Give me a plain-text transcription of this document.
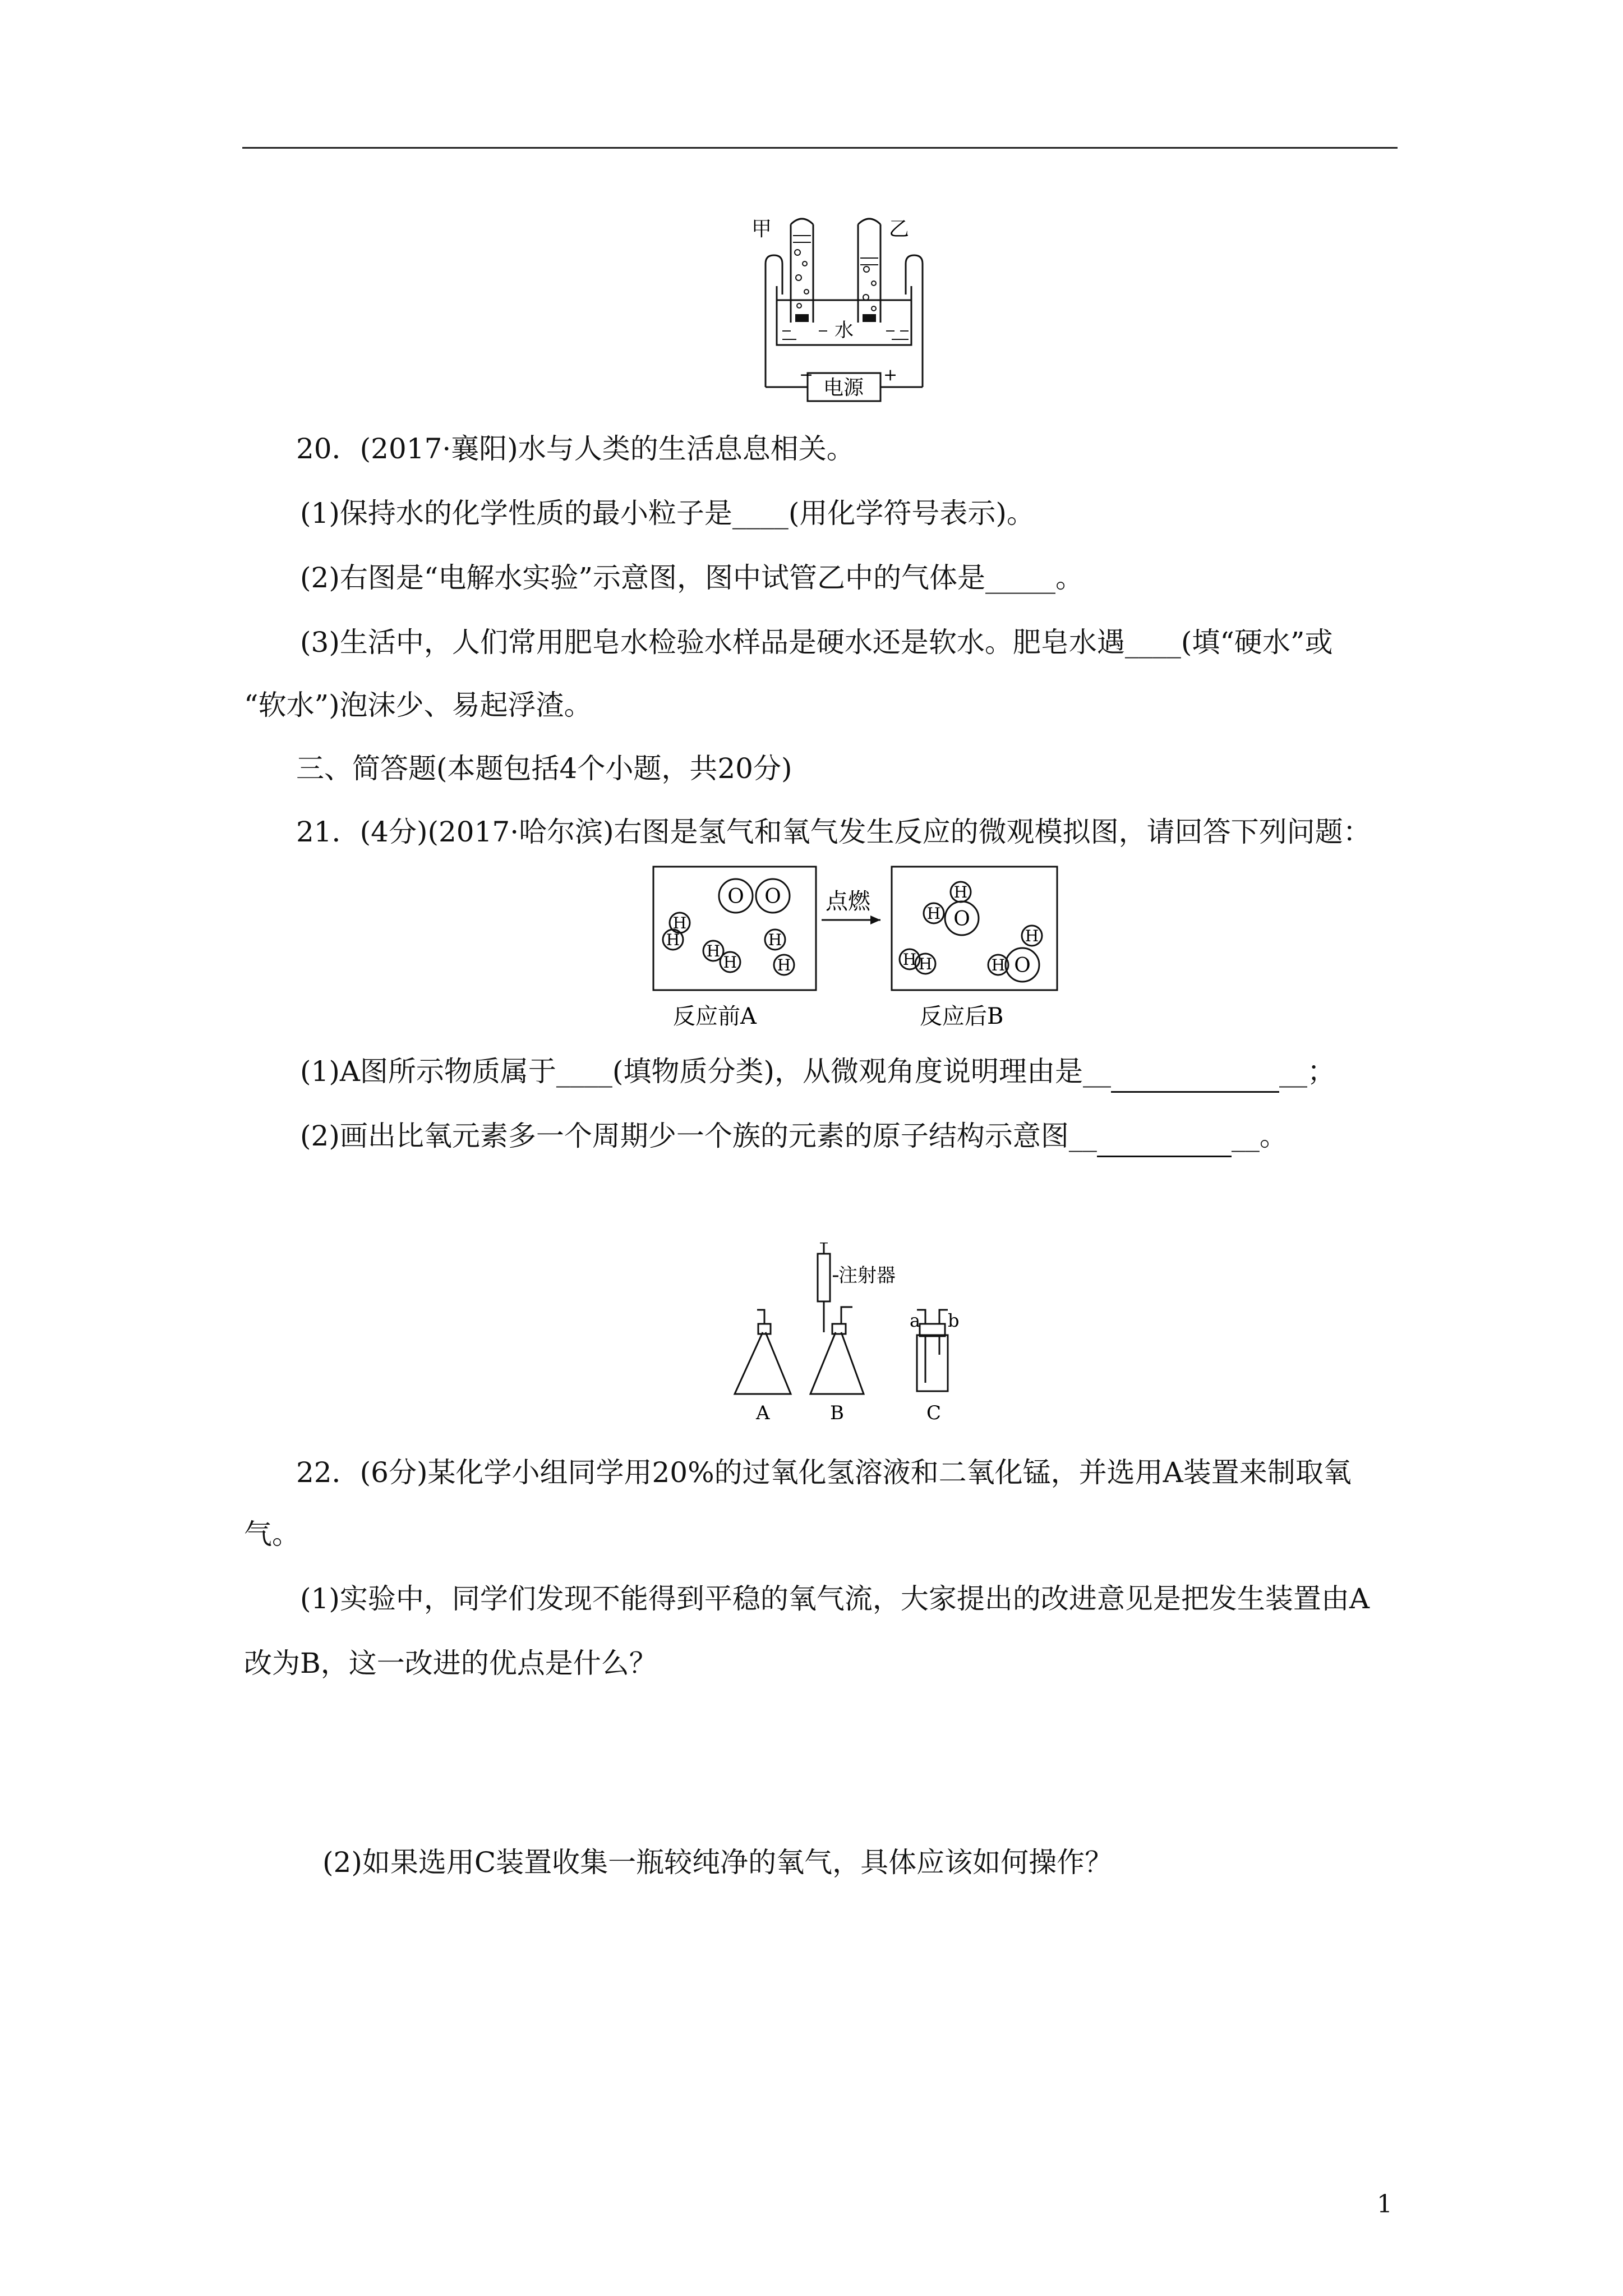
甲	乙
水
电源
−	+
20．(2017·襄阳)水与人类的生活息息相关。
(1)保持水的化学性质的最小粒子是____(用化学符号表示)。
(2)右图是“电解水实验”示意图，图中试管乙中的气体是_____。
(3)生活中，人们常用肥皂水检验水样品是硬水还是软水。肥皂水遇____(填“硬水”或
“软水”)泡沫少、易起浮渣。
三、简答题(本题包括4个小题，共20分)
21．(4分)(2017·哈尔滨)右图是氢气和氧气发生反应的微观模拟图，请回答下列问题：
点燃
O O
H
H
H
H
H
H
O
O
H
H
H
H
H H
反应前A	反应后B
(1)A图所示物质属于____(填物质分类)，从微观角度说明理由是__	__；
(2)画出比氧元素多一个周期少一个族的元素的原子结构示意图__	__。
注射器
A	B	C
a b
22．(6分)某化学小组同学用20%的过氧化氢溶液和二氧化锰，并选用A装置来制取氧
气。
(1)实验中，同学们发现不能得到平稳的氧气流，大家提出的改进意见是把发生装置由A
改为B，这一改进的优点是什么？
(2)如果选用C装置收集一瓶较纯净的氧气，具体应该如何操作？
1
